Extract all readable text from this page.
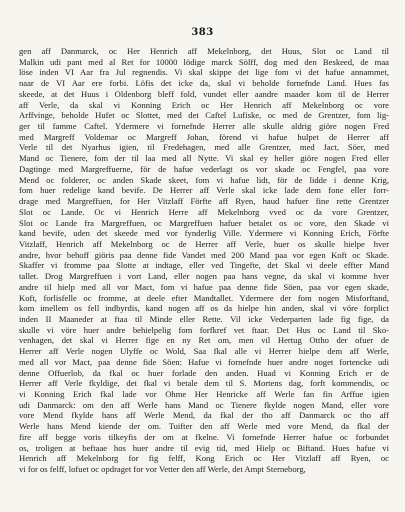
383
gen aff Danmarck, oc Her Henrich aff Mekelnborg, det Huus, Slot oc Land til
Malkin udi pant med al Ret for 10000 lödige marck Sölff, dog med den Beskeed, de maa
löse inden VI Aar fra Jul regnendis. Vi skal skippe det lige fom vi det hafue annammet,
naar de VI Aar ere forbi. Löfis det icke da, skal vi beholde fornefnde Land. Hues fas
skeede, at det Huus i Oldenborg bleff fold, vundet eller aandre maader kom til de Herrer
aff Verle, da skal vi Konning Erich oc Her Henrich aff Mekelnborg oc vore
Arffvinge, beholde Hufet oc Slottet, med det Caftel Lufiske, oc med de Grentzer, fom lig-
ger til famme Caftel. Ydermere vi fornefnde Herrer alle skulle aldrig giöre nogen Fred
med Margreff Voldemar oc Margreff Johan, förend vi hafue hulpet de Herrer aff
Verle til det Nyarhus igien, til Fredehagen, med alle Grentzer, med Jact, Söer, med
Mand oc Tienere, fom der til laa med all Nytte. Vi skal ey heller giöre nogen Fred eller
Dagtinge med Margreffuerne, för de hafue vederlagt os vor skade oc Fengfel, paa vore
Mend oc folderer, oc anden Skade skeet, fom vi hafue lidt, för de lidde i denne Krig,
fom huer redelige kand bevife. De Herrer aff Verle skal icke lade dem fone eller forr-
drage med Margreffuen, for Her Vitzlaff Förfte aff Ryen, haud hafuer fine rette Grentzer
Slot oc Lande. Oc vi Henrich Herre aff Mekelnborg vved oc da vore Grentzer,
Slot oc Lande fra Margreffuen, oc Margreffuen hafuer betalet os oc vore, den Skade vi
kand bevife, uden det skeede med vor fynderlig Ville. Ydermere vi Konning Erich, Förfte
Vitzlaff, Henrich aff Mekelnborg oc de Herrer aff Verle, huer os skulle hielpe hver
andre, hvor behoff giöris paa denne fide Vandet med 200 Mand paa vor egen Koft oc Skade.
Skaffer vi fromme paa Slotte at indtage, eller ved Tingefte, det Skal vi deele effter Mand
tallet. Drog Margreffuen i vort Land, eller nogen paa hans vegne, da skal vi komme hver
andre til hielp med all vor Mact, fom vi hafue paa denne fide Söen, paa vor egen skade,
Koft, forlisfelle oc fromme, at deele efter Mandtallet. Ydermere der fom nogen Misforftand,
kom imellem os fell indbyrdis, kand nogen aff os da hielpe hin anden, skal vi vöre forplict
inden II Maaneder at ftaa til Minde eller Rette. Vil icke Vederparten lade fig fige, da
skulle vi vöre huer andre behielpelig fom forfkref vet ftaar. Det Hus oc Land til Sko-
venhagen, det skal vi Herrer fige en ny Ret om, men vil Hertug Ottho der ofuer de
Herrer aff Verle nogen Ulyffe oc Wold, Saa fkal alle vi Herrer hielpe dem aff Werle,
med all vor Mact, paa denne fide Söen: Hafue vi fornefnde huer andre noget fortencke udi
denne Offuerlob, da fkal oc huer forlade den anden. Huad vi Konning Erich er de
Herrer aff Verle fkyldige, det fkal vi betale dem til S. Mortens dag, forft kommendis, oc
vi Konning Erich fkal lade vor Ohme Her Henricke aff Werle fan fin Arffue igien
udi Danmarck: om den aff Werle hans Mand oc Tienere fkylde nogen Mand, eller vore
vore Mend fkylde hans aff Werle Mend, da fkal der tho aff Danmarck oc tho aff
Werle hans Mend kiende der om. Tuifter den aff Werle med vore Mend, da fkal der
fire aff begge voris tilkeyfis der om at fkelne. Vi fornefnde Herrer hafue oc forbundet
os, troligen at beftaae hos huer andre til evig tid, med Hielp oc Biftand. Hues hafue vi
Henrich aff Mekelnborg for fig felff, Kong Erich oc Her Vitzlaff aff Ryen, oc
vi for os felff, lofuet oc opdraget for vor Vetter den aff Werle, det Ampt Sterneborg,
